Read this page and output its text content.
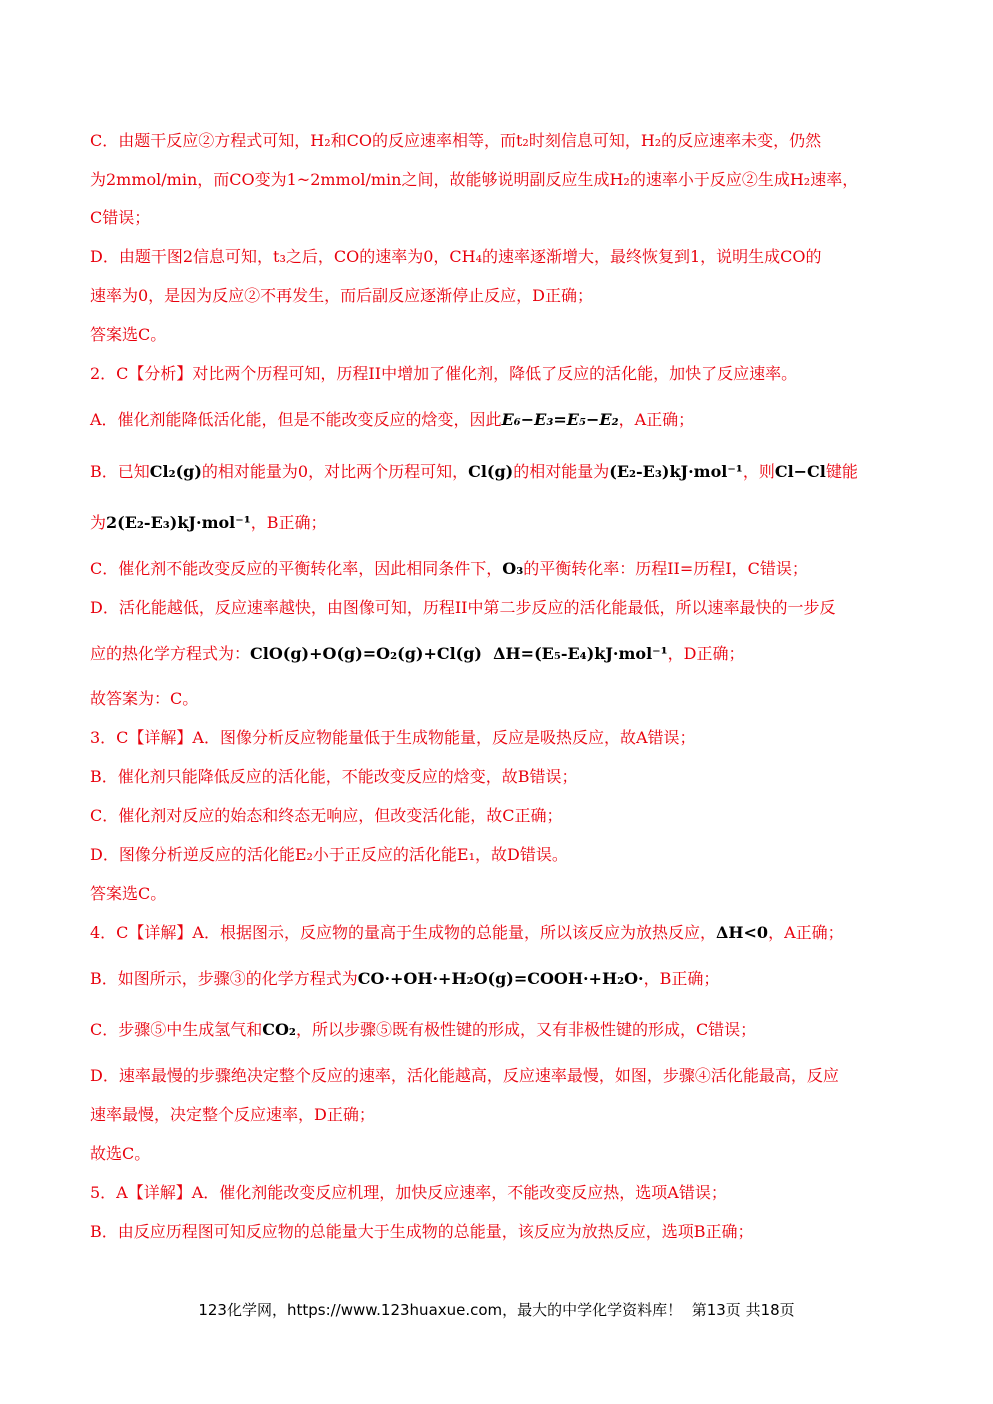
C．由题干反应②方程式可知，H₂和CO的反应速率相等，而t₂时刻信息可知，H₂的反应速率未变，仍然
为2mmol/min，而CO变为1~2mmol/min之间，故能够说明副反应生成H₂的速率小于反应②生成H₂速率，
C错误；
D．由题干图2信息可知，t₃之后，CO的速率为0，CH₄的速率逐渐增大，最终恢复到1，说明生成CO的
速率为0，是因为反应②不再发生，而后副反应逐渐停止反应，D正确；
答案选C。
2．C【分析】对比两个历程可知，历程II中增加了催化剂，降低了反应的活化能，加快了反应速率。
A．催化剂能降低活化能，但是不能改变反应的焓变，因此E₆−E₃=E₅−E₂，A正确；
B．已知Cl₂(g)的相对能量为0，对比两个历程可知，Cl(g)的相对能量为(E₂-E₃)kJ·mol⁻¹，则Cl−Cl键能
为2(E₂-E₃)kJ·mol⁻¹，B正确；
C．催化剂不能改变反应的平衡转化率，因此相同条件下，O₃的平衡转化率：历程II=历程I，C错误；
D．活化能越低，反应速率越快，由图像可知，历程II中第二步反应的活化能最低，所以速率最快的一步反
应的热化学方程式为：ClO(g)+O(g)=O₂(g)+Cl(g)  ΔH=(E₅-E₄)kJ·mol⁻¹，D正确；
故答案为：C。
3．C【详解】A．图像分析反应物能量低于生成物能量，反应是吸热反应，故A错误；
B．催化剂只能降低反应的活化能，不能改变反应的焓变，故B错误；
C．催化剂对反应的始态和终态无响应，但改变活化能，故C正确；
D．图像分析逆反应的活化能E₂小于正反应的活化能E₁，故D错误。
答案选C。
4．C【详解】A．根据图示，反应物的量高于生成物的总能量，所以该反应为放热反应，ΔH<0，A正确；
B．如图所示，步骤③的化学方程式为CO·+OH·+H₂O(g)=COOH·+H₂O·，B正确；
C．步骤⑤中生成氢气和CO₂，所以步骤⑤既有极性键的形成，又有非极性键的形成，C错误；
D．速率最慢的步骤绝决定整个反应的速率，活化能越高，反应速率最慢，如图，步骤④活化能最高，反应
速率最慢，决定整个反应速率，D正确；
故选C。
5．A【详解】A．催化剂能改变反应机理，加快反应速率，不能改变反应热，选项A错误；
B．由反应历程图可知反应物的总能量大于生成物的总能量，该反应为放热反应，选项B正确；
123化学网，https://www.123huaxue.com，最大的中学化学资料库！  第13页 共18页
